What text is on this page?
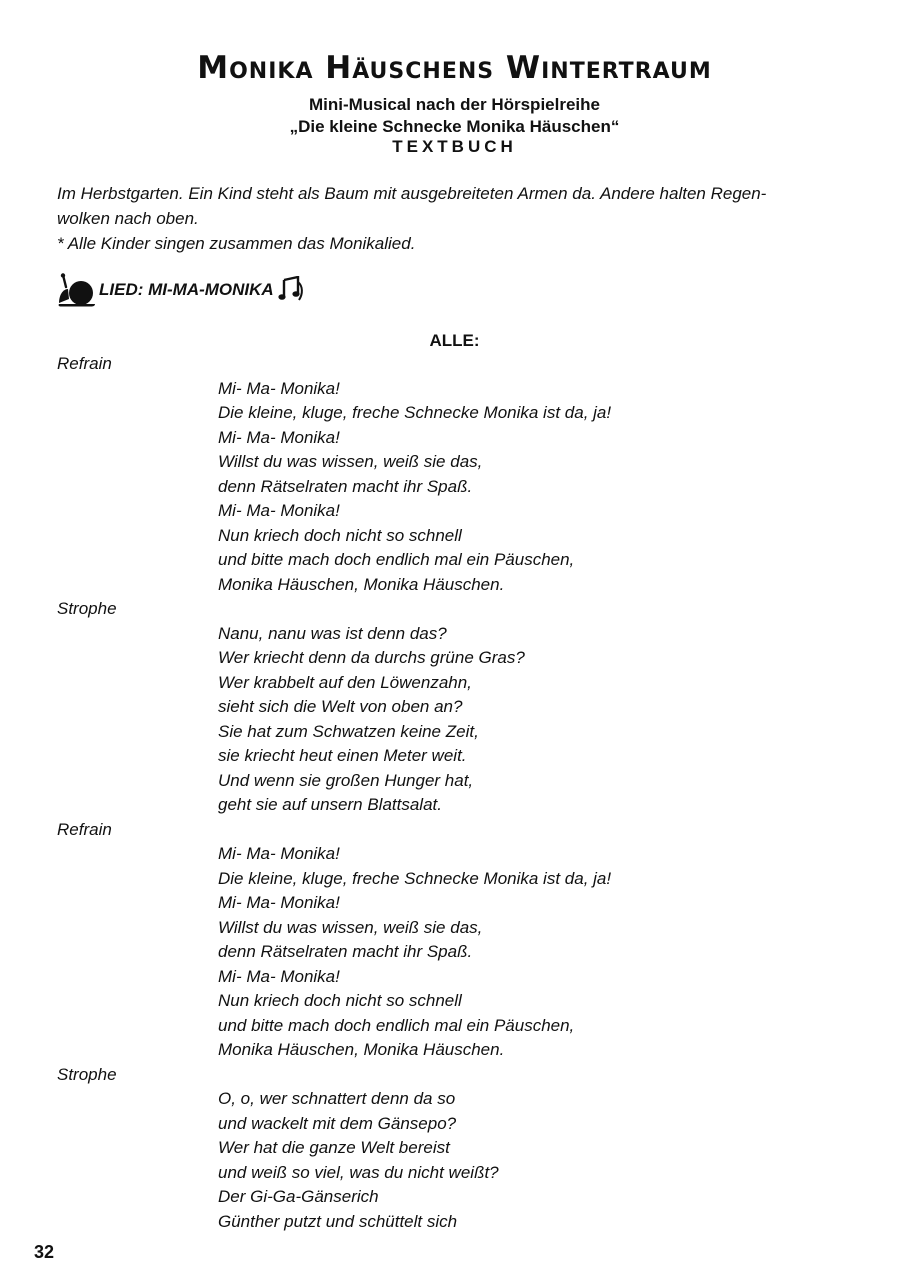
Monika Häuschens Wintertraum
Mini-Musical nach der Hörspielreihe
„Die kleine Schnecke Monika Häuschen“
TEXTBUCH

Im Herbstgarten. Ein Kind steht als Baum mit ausgebreiteten Armen da. Andere halten Regen-

wolken nach oben.

* Alle Kinder singen zusammen das Monikalied.

LIED: MI-MA-MONIKA
ALLE:
Refrain
Mi- Ma- Monika!
Die kleine, kluge, freche Schnecke Monika ist da, ja!
Mi- Ma- Monika!
Willst du was wissen, weiß sie das,
denn Rätselraten macht ihr Spaß.
Mi- Ma- Monika!
Nun kriech doch nicht so schnell
und bitte mach doch endlich mal ein Päuschen,
Monika Häuschen, Monika Häuschen.
Strophe
Nanu, nanu was ist denn das?
Wer kriecht denn da durchs grüne Gras?
Wer krabbelt auf den Löwenzahn,
sieht sich die Welt von oben an?
Sie hat zum Schwatzen keine Zeit,
sie kriecht heut einen Meter weit.
Und wenn sie großen Hunger hat,
geht sie auf unsern Blattsalat.
Refrain
Mi- Ma- Monika!
Die kleine, kluge, freche Schnecke Monika ist da, ja!
Mi- Ma- Monika!
Willst du was wissen, weiß sie das,
denn Rätselraten macht ihr Spaß.
Mi- Ma- Monika!
Nun kriech doch nicht so schnell
und bitte mach doch endlich mal ein Päuschen,
Monika Häuschen, Monika Häuschen.
Strophe
O, o, wer schnattert denn da so
und wackelt mit dem Gänsepo?
Wer hat die ganze Welt bereist
und weiß so viel, was du nicht weißt?
Der Gi-Ga-Gänserich
Günther putzt und schüttelt sich
32
